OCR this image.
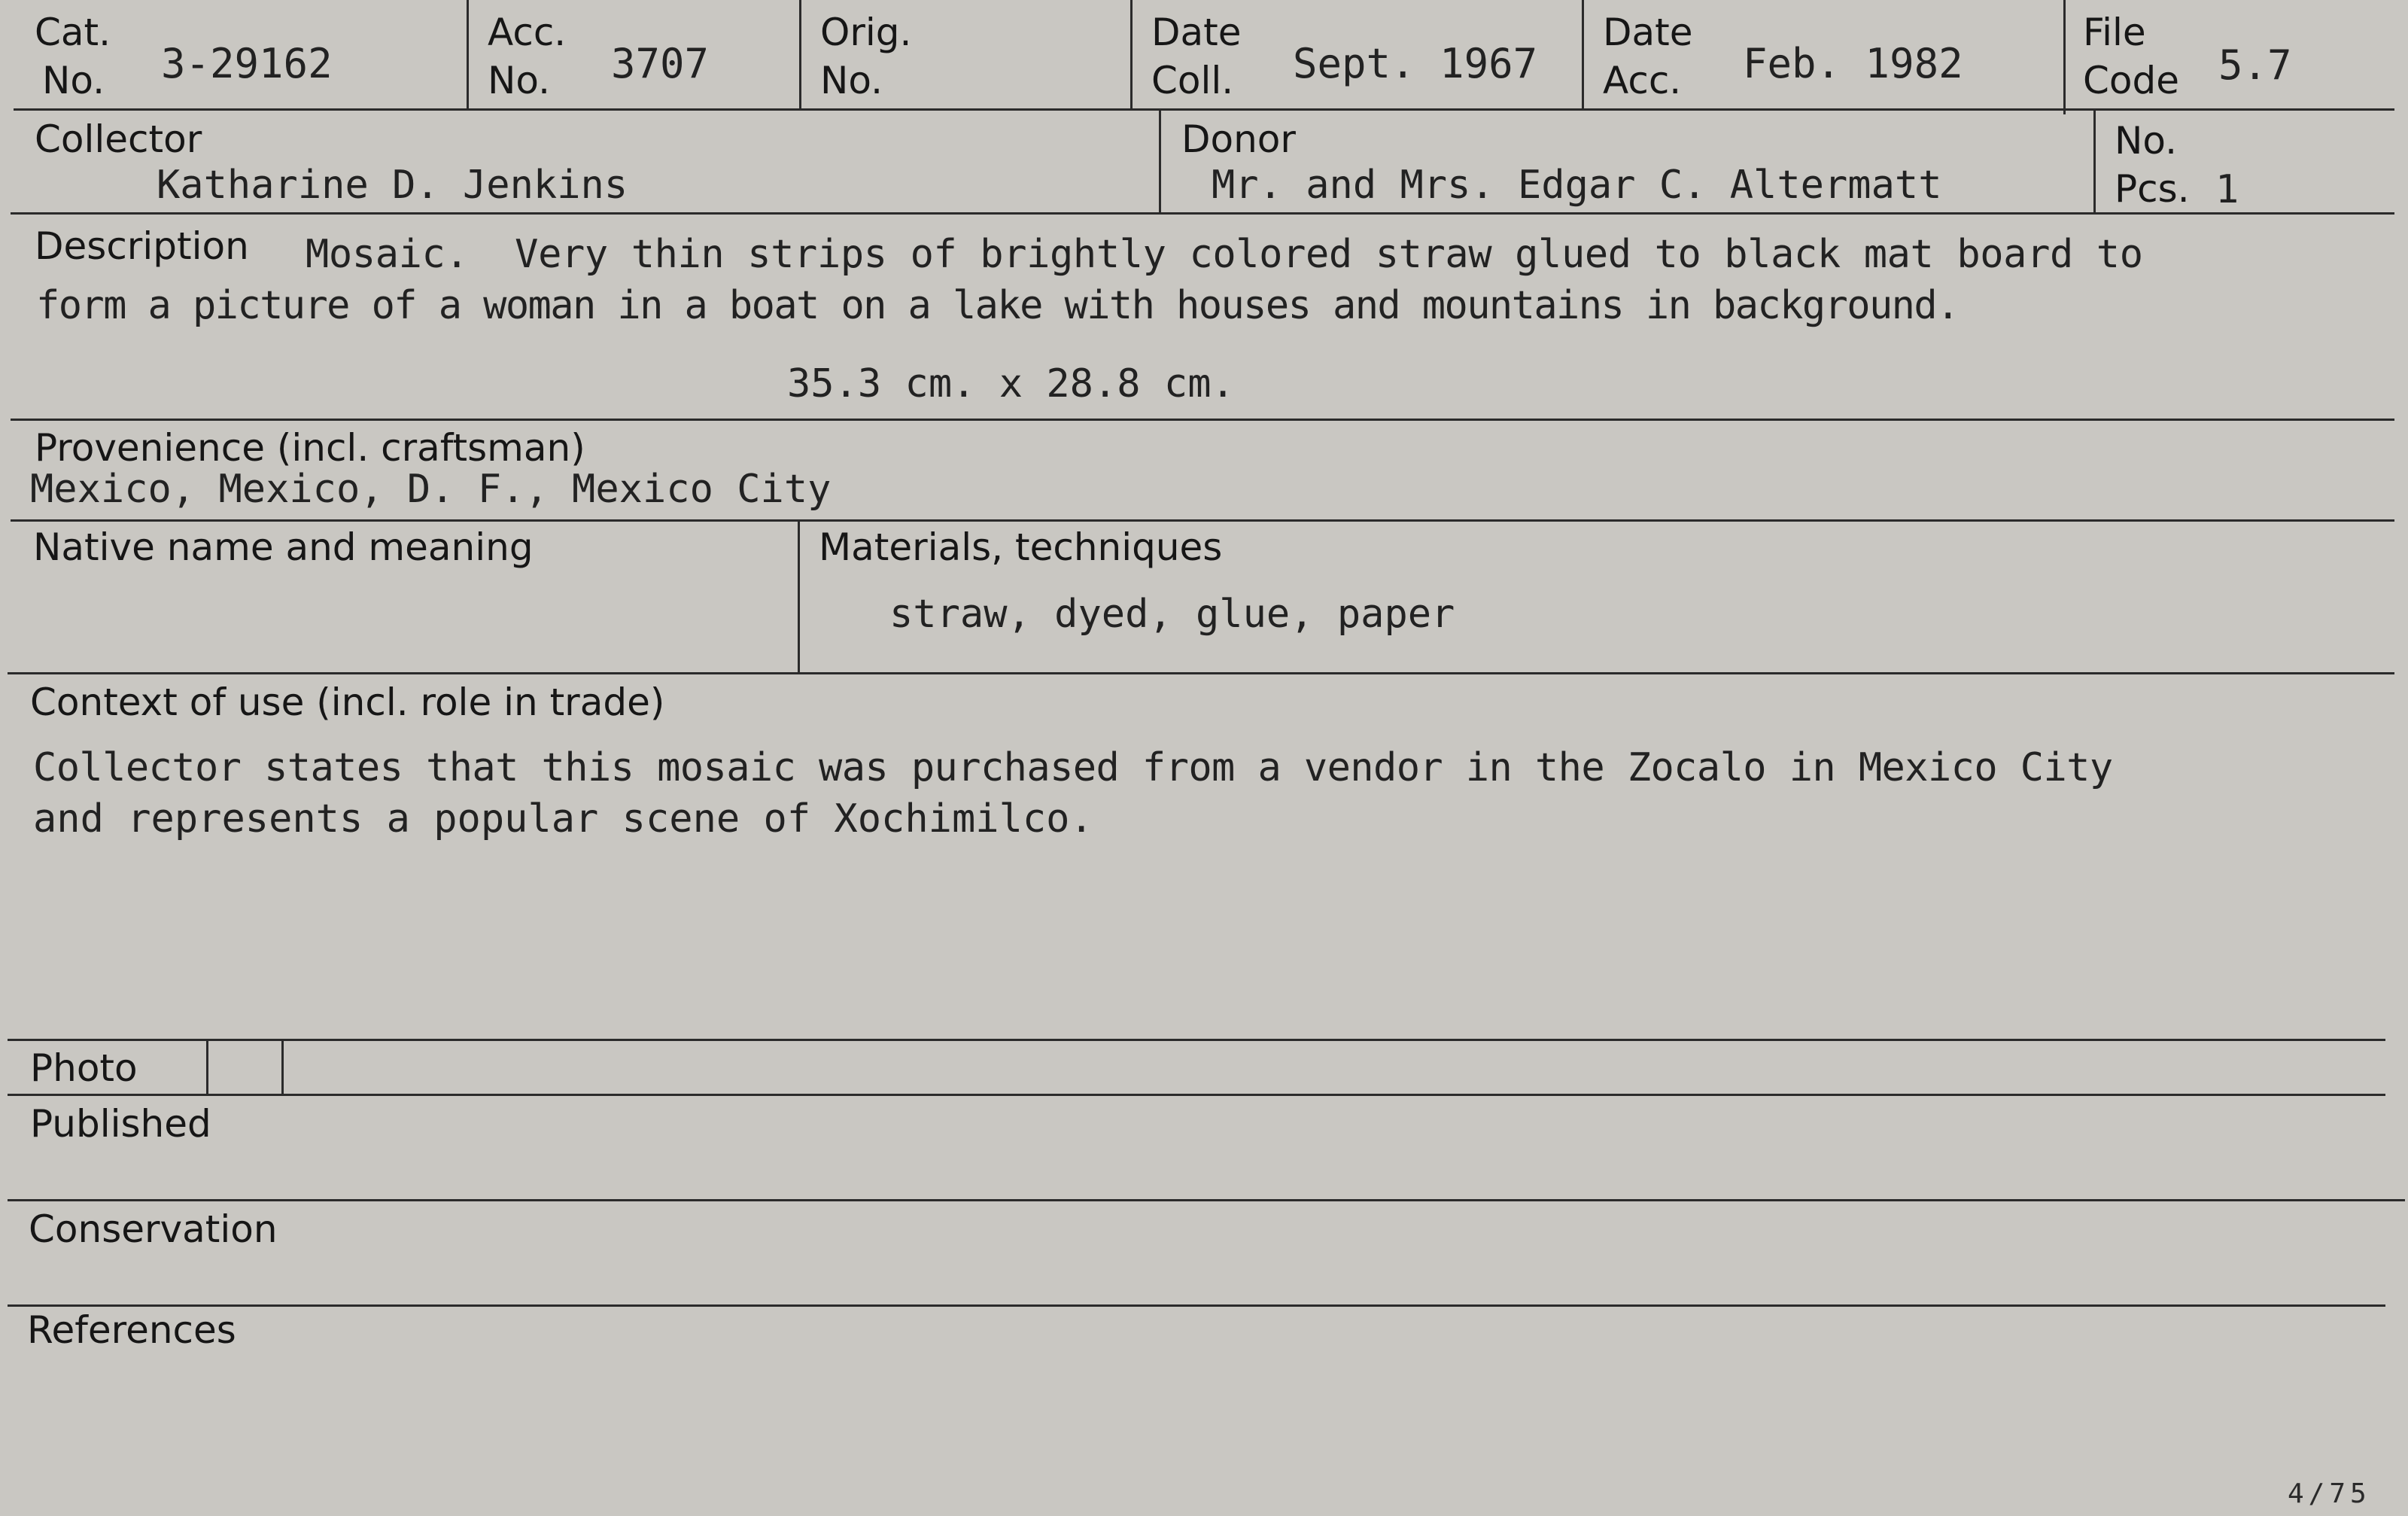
Cat.
No. 3-29162
Acc.
No. 3707
Orig.
No.
Date
Coll. Sept. 1967
Date
Acc. Feb. 1982
File
Code 5.7
Collector
Katharine D. Jenkins
Donor
Mr. and Mrs. Edgar C. Altermatt
No.
Pcs. 1
Description Mosaic.  Very thin strips of brightly colored straw glued to black mat board to
form a picture of a woman in a boat on a lake with houses and mountains in background.
35.3 cm. x 28.8 cm.
Provenience (incl. craftsman)
Mexico, Mexico, D. F., Mexico City
Native name and meaning	Materials, techniques
straw, dyed, glue, paper
Context of use (incl. role in trade)
Collector states that this mosaic was purchased from a vendor in the Zocalo in Mexico City
and represents a popular scene of Xochimilco.
Photo
Published
Conservation
References
4/75
